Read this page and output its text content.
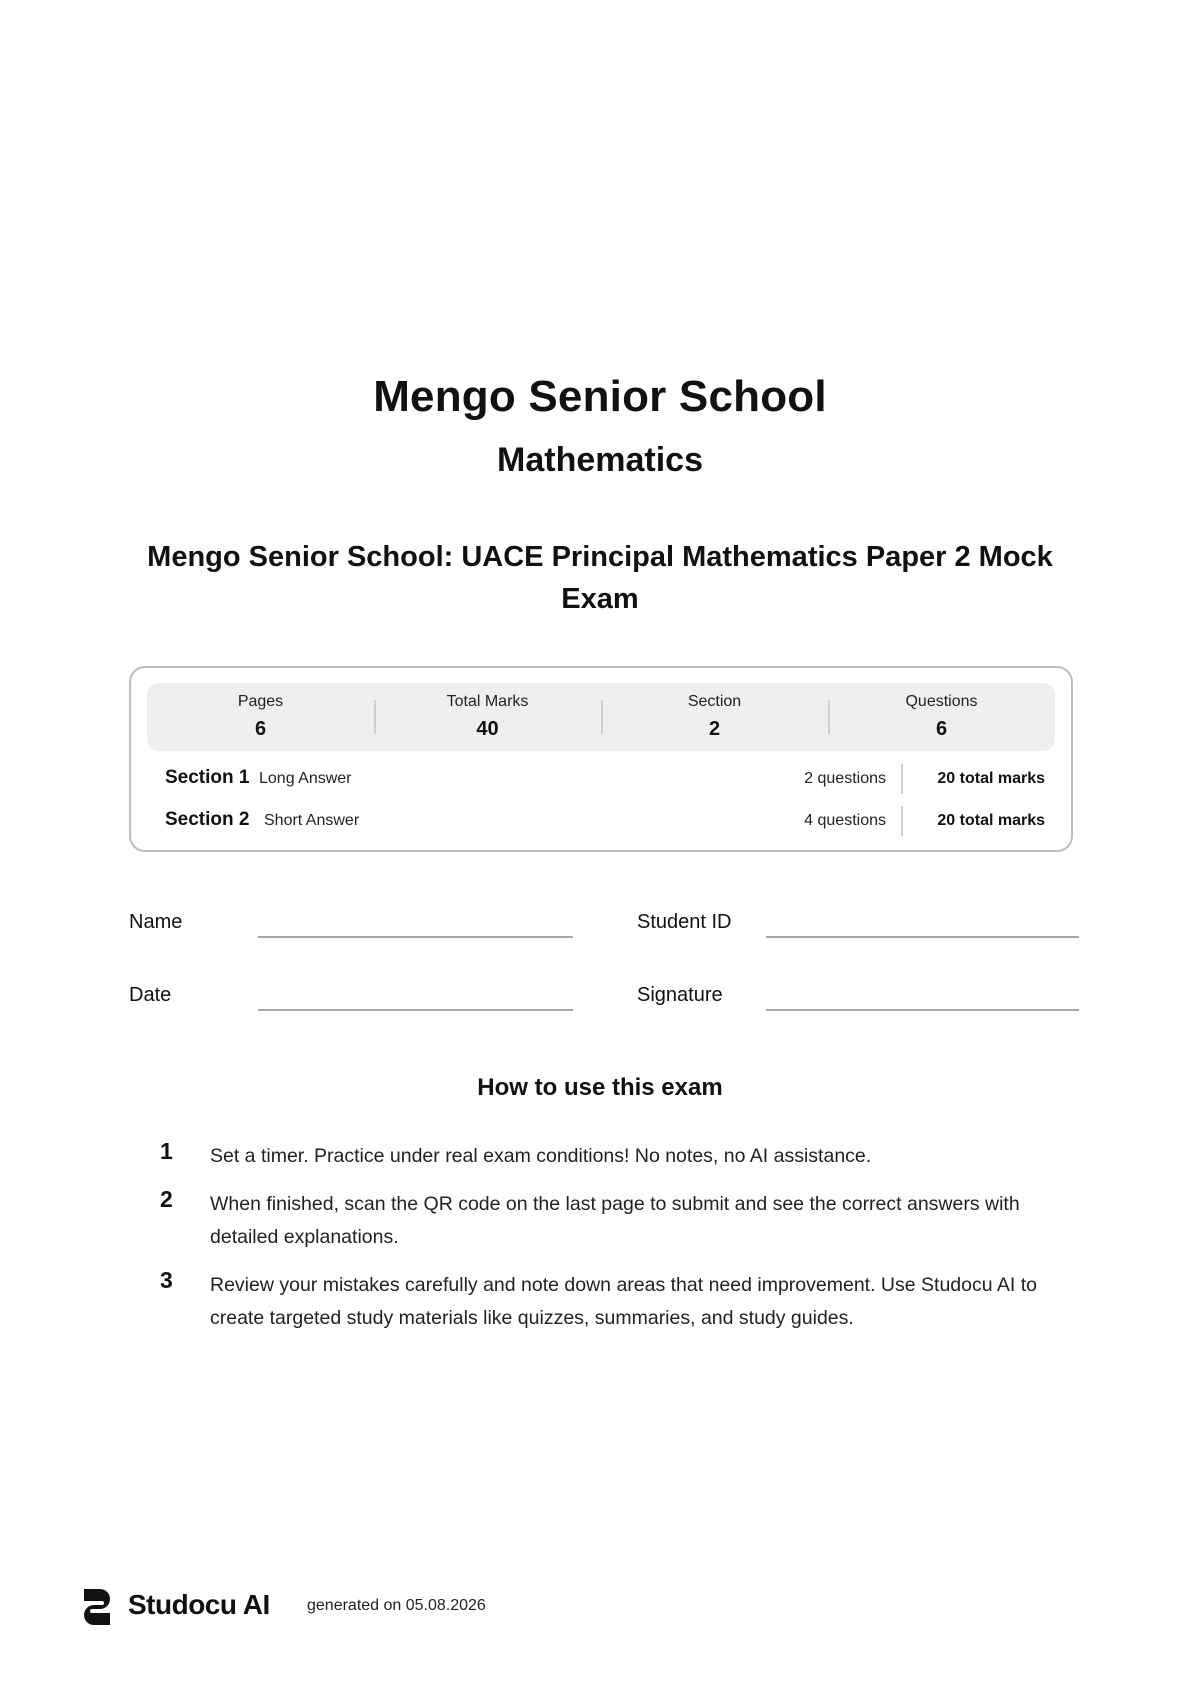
Mengo Senior School
Mathematics
Mengo Senior School: UACE Principal Mathematics Paper 2 Mock Exam
Pages
6
Total Marks
40
Section
2
Questions
6
Section 1 Long Answer	2 questions	20 total marks
Section 2 Short Answer	4 questions	20 total marks
Name	Student ID
Date	Signature
How to use this exam
1	Set a timer. Practice under real exam conditions! No notes, no AI assistance.
2	When finished, scan the QR code on the last page to submit and see the correct answers with detailed explanations.
3	Review your mistakes carefully and note down areas that need improvement. Use Studocu AI to create targeted study materials like quizzes, summaries, and study guides.
Studocu AI generated on 05.08.2026
